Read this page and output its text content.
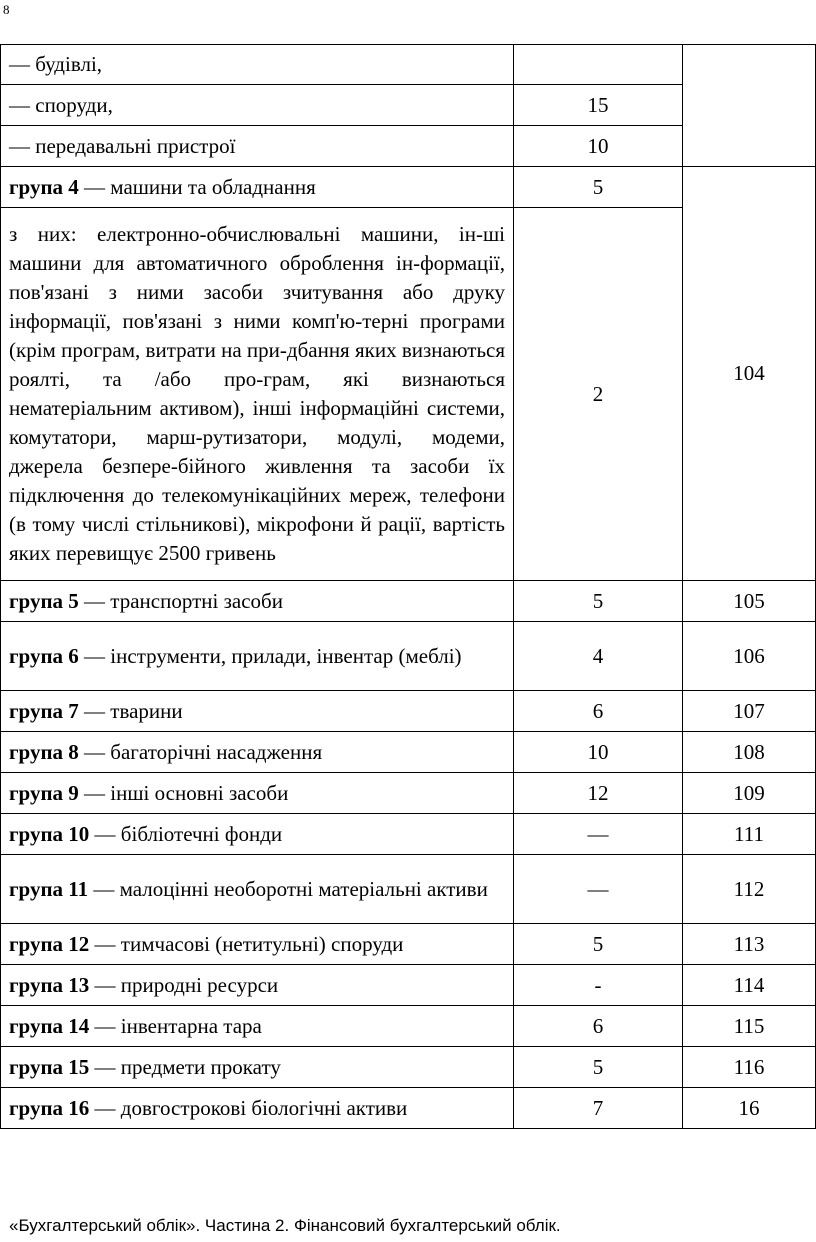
8
— будівлі,		
— споруди,	15	
— передавальні пристрої	10	
група 4 — машини та обладнання	5	104
з них: електронно-обчислювальні машини, ін-ші машини для автоматичного оброблення ін-формації, пов'язані з ними засоби зчитування або друку інформації, пов'язані з ними комп'ю-терні програми (крім програм, витрати на при-дбання яких визнаються роялті, та /або про-грам, які визнаються нематеріальним активом), інші інформаційні системи, комутатори, марш-рутизатори, модулі, модеми, джерела безпере-бійного живлення та засоби їх підключення до телекомунікаційних мереж, телефони (в тому числі стільникові), мікрофони й рації, вартість яких перевищує 2500 гривень	2	
група 5 — транспортні засоби	5	105
група 6 — інструменти, прилади, інвентар (меблі)	4	106
група 7 — тварини	6	107
група 8 — багаторічні насадження	10	108
група 9 — інші основні засоби	12	109
група 10 — бібліотечні фонди	—	111
група 11 — малоцінні необоротні матеріальні активи	—	112
група 12 — тимчасові (нетитульні) споруди	5	113
група 13 — природні ресурси	-	114
група 14 — інвентарна тара	6	115
група 15 — предмети прокату	5	116
група 16 — довгострокові біологічні активи	7	16
«Бухгалтерський облік». Частина 2. Фінансовий бухгалтерський облік.
